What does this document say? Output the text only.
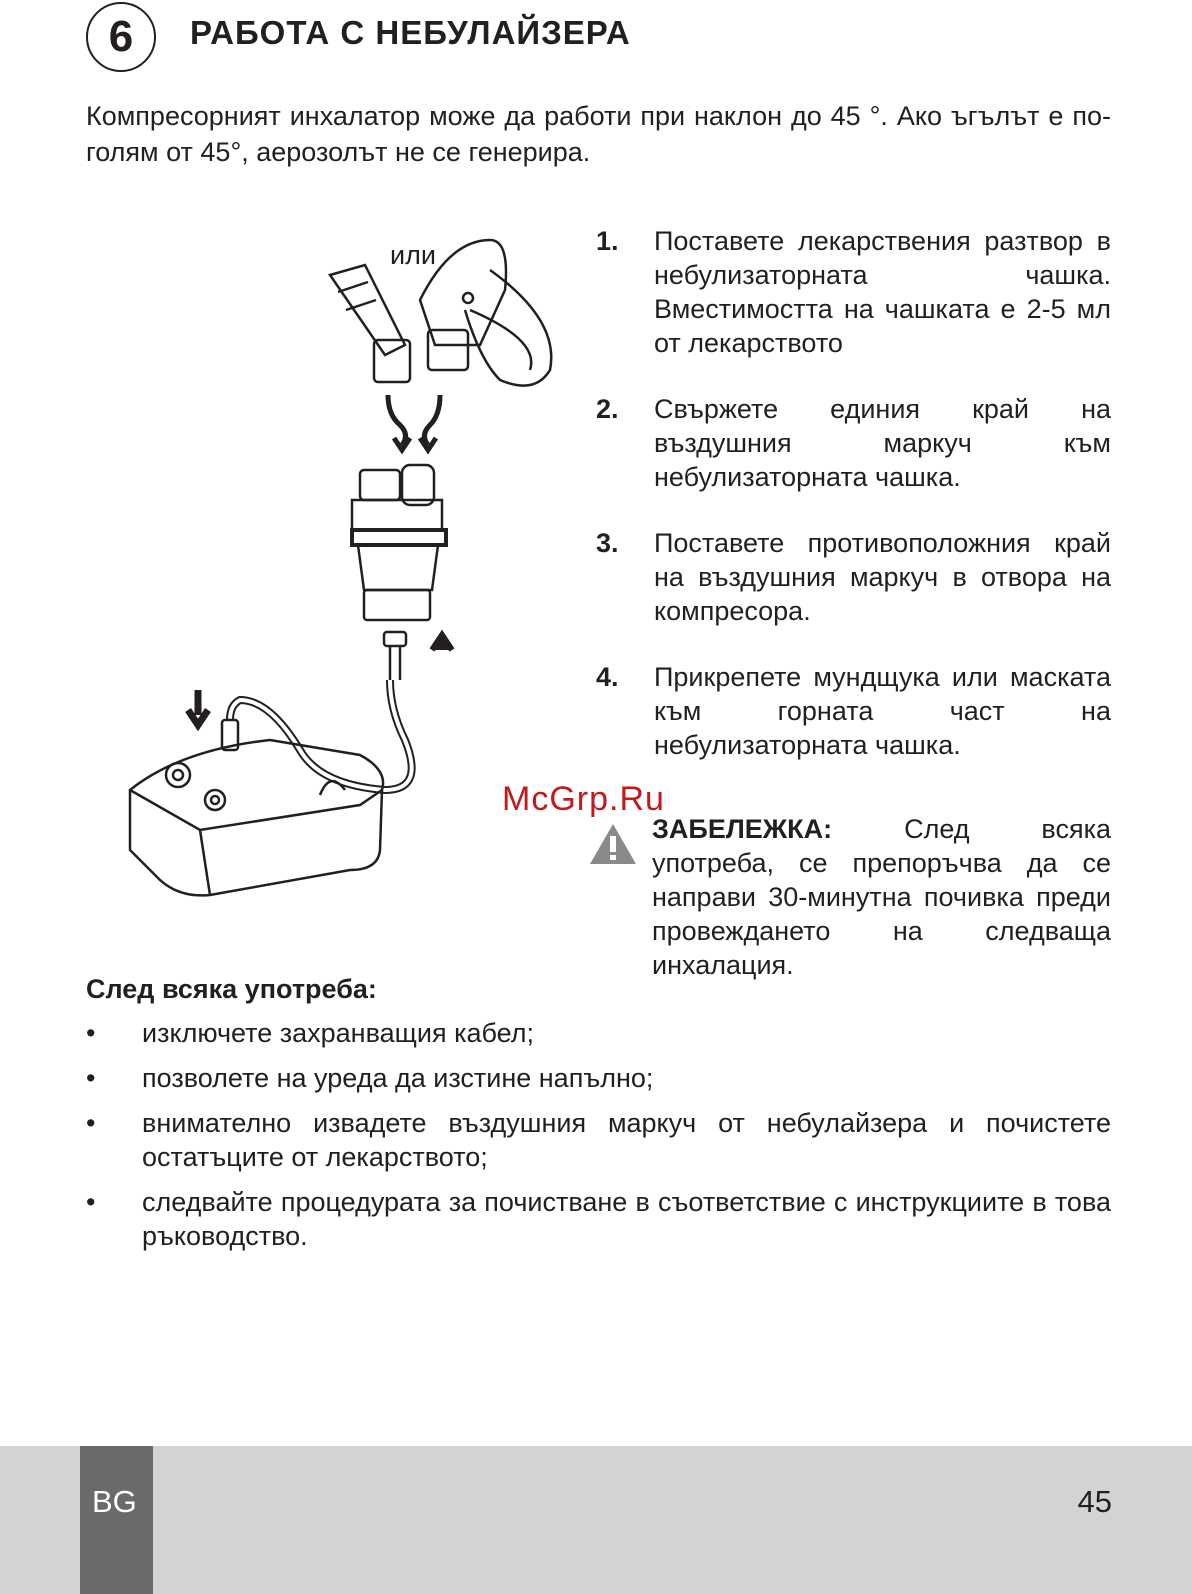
6 РАБОТА С НЕБУЛАЙЗЕРА
Компресорният инхалатор може да работи при наклон до 45 °. Ако ъгълът е по-голям от 45°, аерозолът не се генерира.
или	1. Поставете лекарствения разтвор в небулизаторната чашка. Вместимостта на чашката е 2-5 мл от лекарството
2. Свържете единия край на въздушния маркуч към небулизаторната чашка.
3. Поставете противоположния край на въздушния маркуч в отвора на компресора.
4. Прикрепете мундщука или маската към горната част на небулизаторната чашка.
McGrp.Ru
ЗАБЕЛЕЖКА:	След всяка употреба, се препоръчва да се направи 30-минутна почивка преди провеждането на следваща инхалация.
След всяка употреба:
• изключете захранващия кабел;
• позволете на уреда да изстине напълно;
• внимателно извадете въздушния маркуч от небулайзера и почистете остатъците от лекарството;
• следвайте процедурата за почистване в съответствие с инструкциите в това ръководство.
BG	45
